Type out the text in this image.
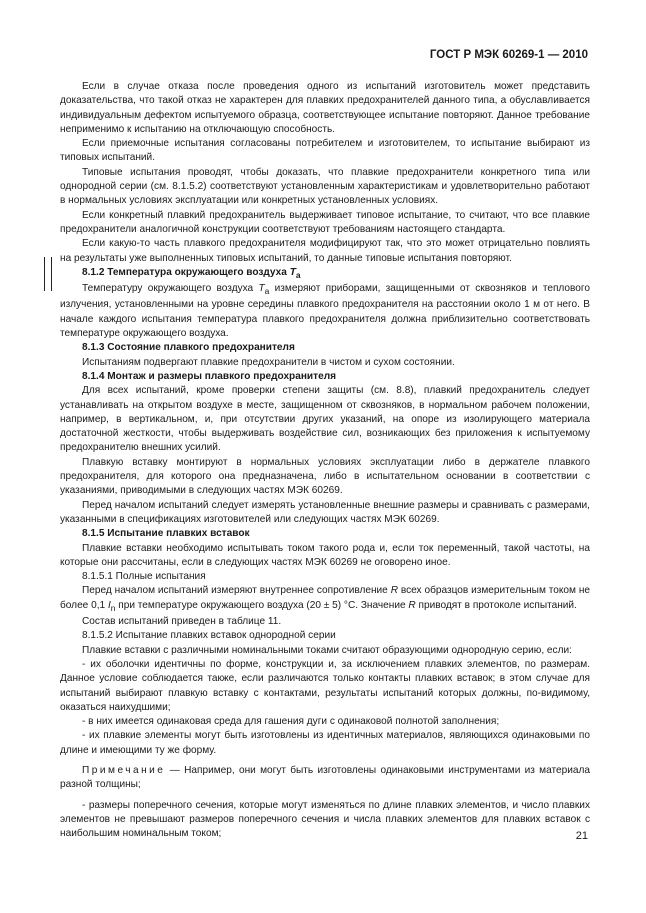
ГОСТ Р МЭК 60269-1 — 2010

Если в случае отказа после проведения одного из испытаний изготовитель может представить доказательства, что такой отказ не характерен для плавких предохранителей данного типа, а обуславливается индивидуальным дефектом испытуемого образца, соответствующее испытание повторяют. Данное требование неприменимо к испытанию на отключающую способность.

Если приемочные испытания согласованы потребителем и изготовителем, то испытание выбирают из типовых испытаний.

Типовые испытания проводят, чтобы доказать, что плавкие предохранители конкретного типа или однородной серии (см. 8.1.5.2) соответствуют установленным характеристикам и удовлетворительно работают в нормальных условиях эксплуатации или конкретных установленных условиях.

Если конкретный плавкий предохранитель выдерживает типовое испытание, то считают, что все плавкие предохранители аналогичной конструкции соответствуют требованиям настоящего стандарта.

Если какую-то часть плавкого предохранителя модифицируют так, что это может отрицательно повлиять на результаты уже выполненных типовых испытаний, то данные типовые испытания повторяют.

8.1.2 Температура окружающего воздуха $T_a$

Температуру окружающего воздуха $T_a$ измеряют приборами, защищенными от сквозняков и теплового излучения, установленными на уровне середины плавкого предохранителя на расстоянии около 1 м от него. В начале каждого испытания температура плавкого предохранителя должна приблизительно соответствовать температуре окружающего воздуха.

8.1.3 Состояние плавкого предохранителя

Испытаниям подвергают плавкие предохранители в чистом и сухом состоянии.

8.1.4 Монтаж и размеры плавкого предохранителя

Для всех испытаний, кроме проверки степени защиты (см. 8.8), плавкий предохранитель следует устанавливать на открытом воздухе в месте, защищенном от сквозняков, в нормальном рабочем положении, например, в вертикальном, и, при отсутствии других указаний, на опоре из изолирующего материала достаточной жесткости, чтобы выдерживать воздействие сил, возникающих без приложения к испытуемому предохранителю внешних усилий.

Плавкую вставку монтируют в нормальных условиях эксплуатации либо в держателе плавкого предохранителя, для которого она предназначена, либо в испытательном основании в соответствии с указаниями, приводимыми в следующих частях МЭК 60269.

Перед началом испытаний следует измерять установленные внешние размеры и сравнивать с размерами, указанными в спецификациях изготовителей или следующих частях МЭК 60269.

8.1.5 Испытание плавких вставок

Плавкие вставки необходимо испытывать током такого рода и, если ток переменный, такой частоты, на которые они рассчитаны, если в следующих частях МЭК 60269 не оговорено иное.

8.1.5.1 Полные испытания

Перед началом испытаний измеряют внутреннее сопротивление R всех образцов измерительным током не более 0,1 $I_n$ при температуре окружающего воздуха (20 ± 5) °С. Значение R приводят в протоколе испытаний.

Состав испытаний приведен в таблице 11.

8.1.5.2 Испытание плавких вставок однородной серии

Плавкие вставки с различными номинальными токами считают образующими однородную серию, если:

- их оболочки идентичны по форме, конструкции и, за исключением плавких элементов, по размерам. Данное условие соблюдается также, если различаются только контакты плавких вставок; в этом случае для испытаний выбирают плавкую вставку с контактами, результаты испытаний которых должны, по-видимому, оказаться наихудшими;

- в них имеется одинаковая среда для гашения дуги с одинаковой полнотой заполнения;

- их плавкие элементы могут быть изготовлены из идентичных материалов, являющихся одинаковыми по длине и имеющими ту же форму.

Примечание — Например, они могут быть изготовлены одинаковыми инструментами из материала разной толщины;

- размеры поперечного сечения, которые могут изменяться по длине плавких элементов, и число плавких элементов не превышают размеров поперечного сечения и числа плавких элементов для плавких вставок с наибольшим номинальным током;	21
